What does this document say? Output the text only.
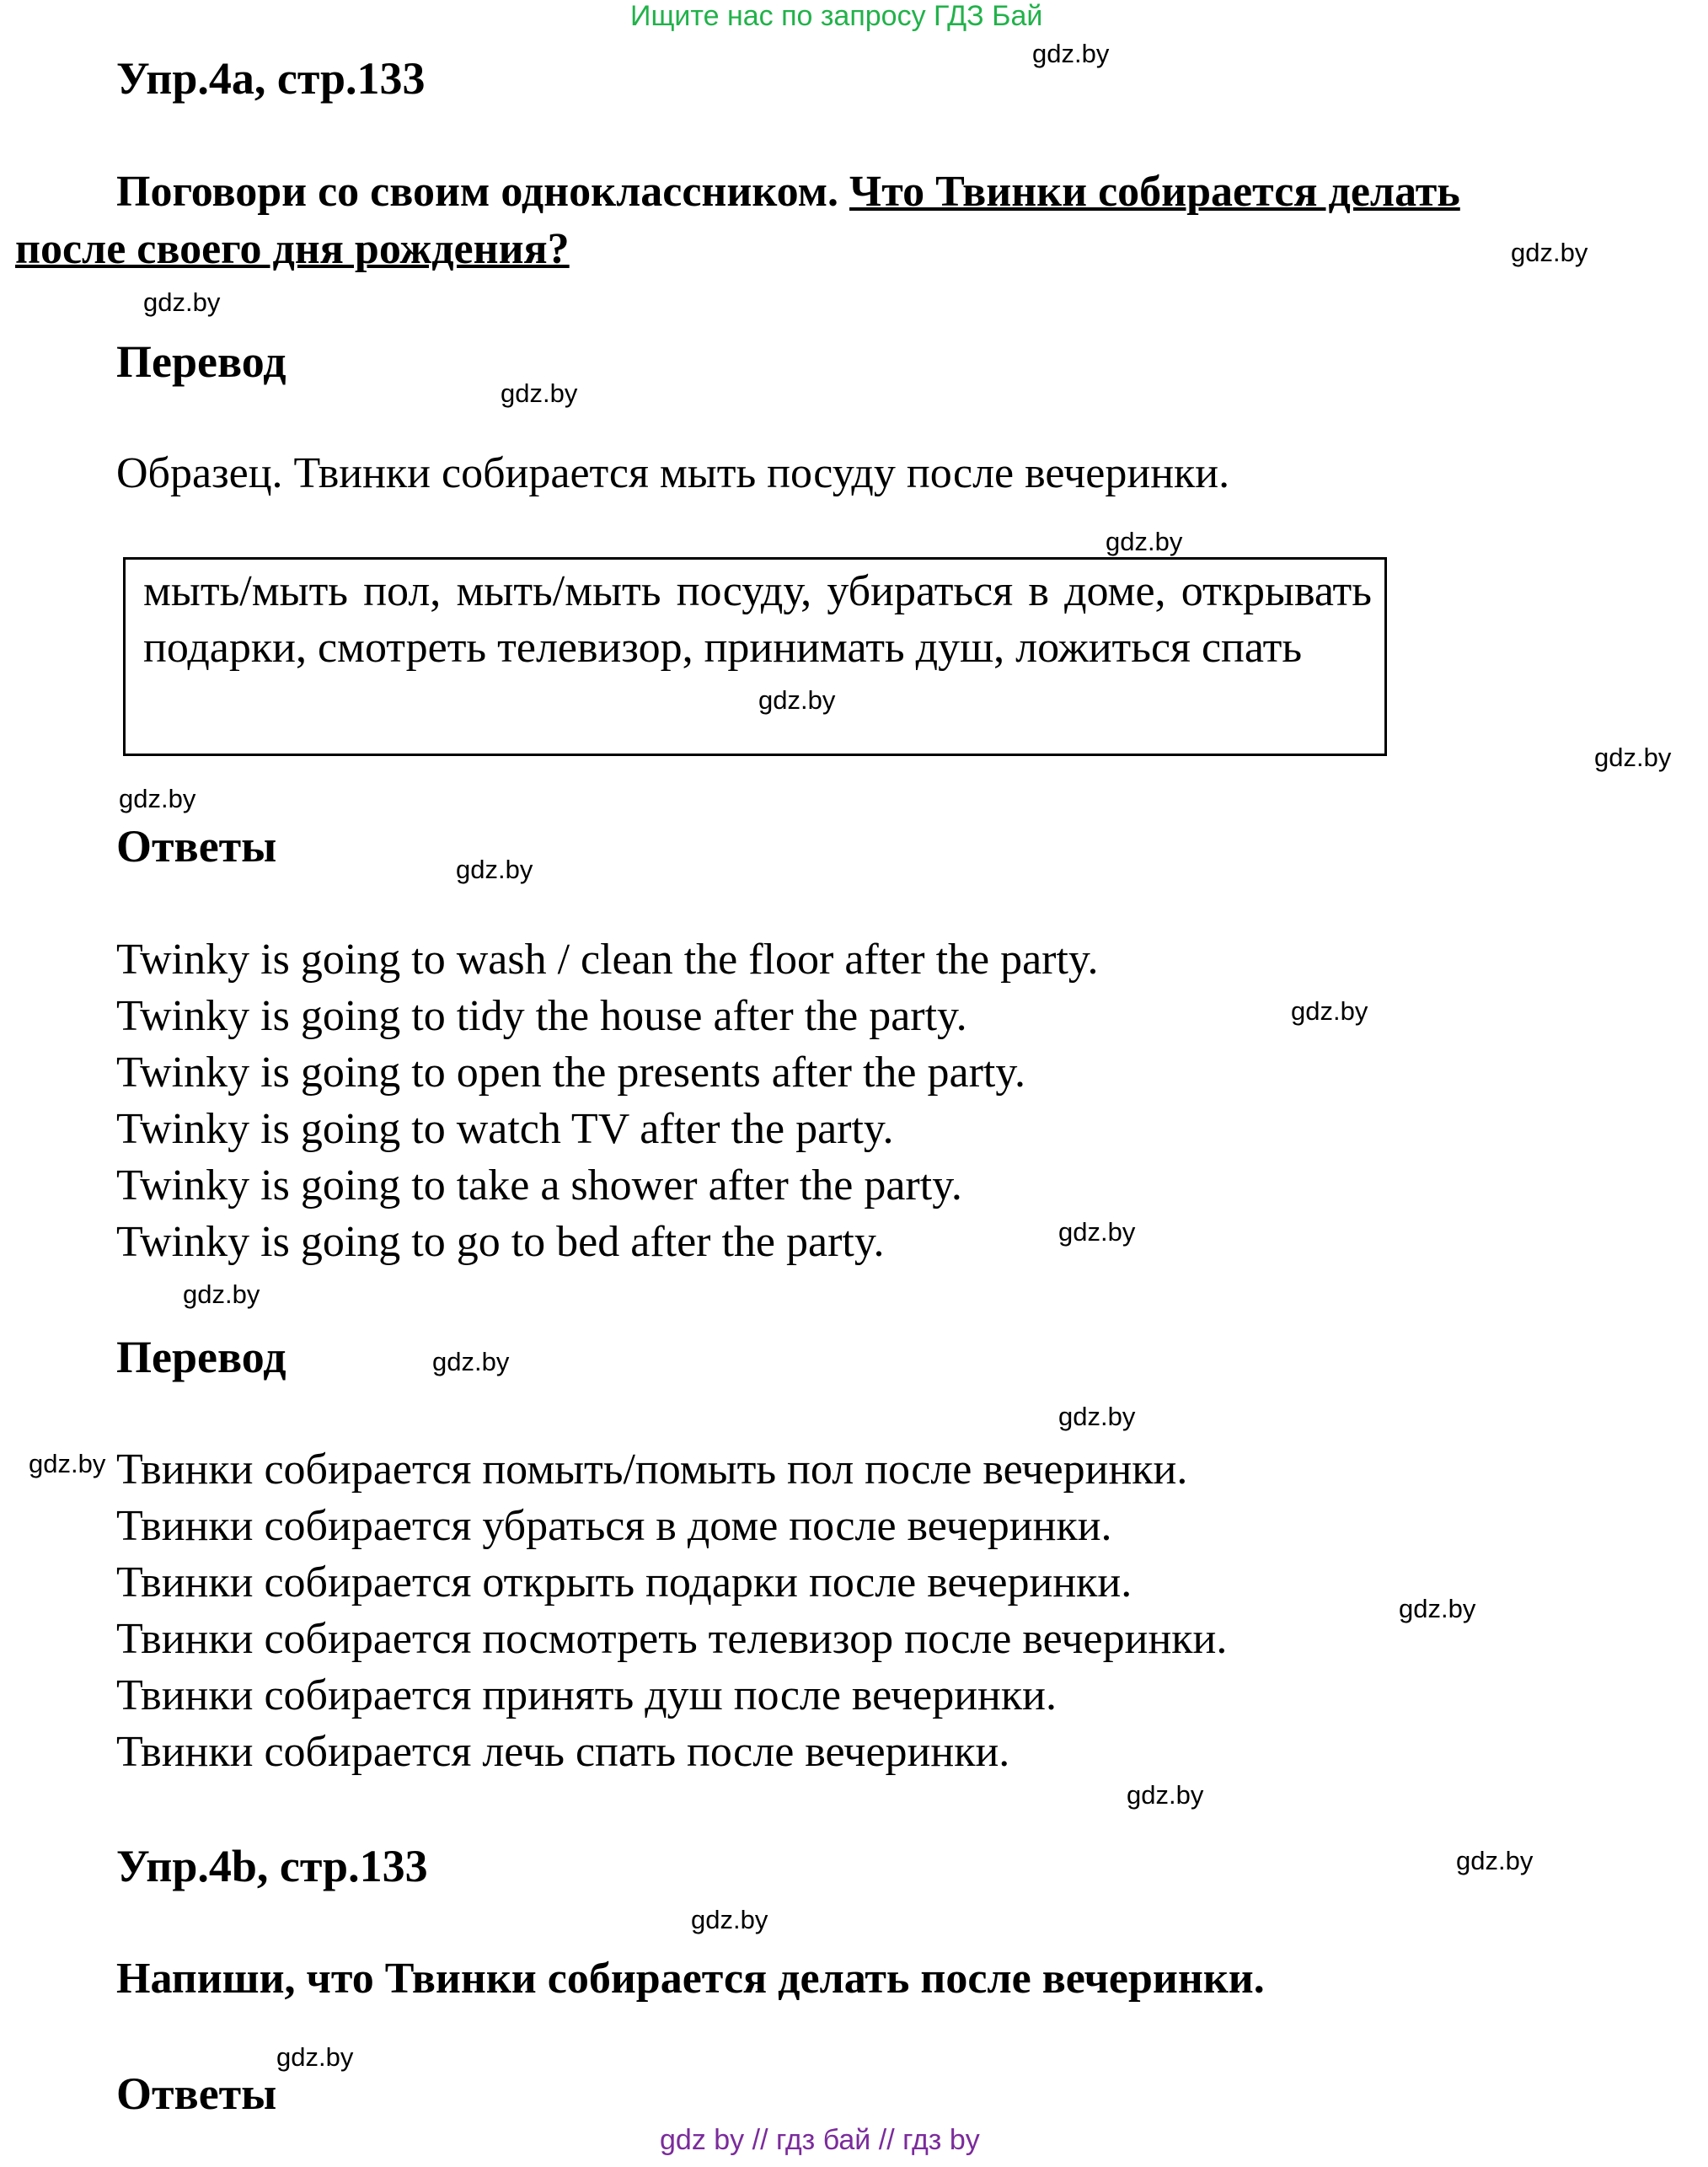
Ищите нас по запросу ГДЗ Бай
Упр.4a, стр.133
Поговори со своим одноклассником. Что Твинки собирается делать
после своего дня рождения?
Перевод
Образец. Твинки собирается мыть посуду после вечеринки.
мыть/мыть пол, мыть/мыть посуду, убираться в доме, открывать подарки, смотреть телевизор, принимать душ, ложиться спать
Ответы
Twinky is going to wash / clean the floor after the party.
Twinky is going to tidy the house after the party.
Twinky is going to open the presents after the party.
Twinky is going to watch TV after the party.
Twinky is going to take a shower after the party.
Twinky is going to go to bed after the party.
Перевод
Твинки собирается помыть/помыть пол после вечеринки.
Твинки собирается убраться в доме после вечеринки.
Твинки собирается открыть подарки после вечеринки.
Твинки собирается посмотреть телевизор после вечеринки.
Твинки собирается принять душ после вечеринки.
Твинки собирается лечь спать после вечеринки.
Упр.4b, стр.133
Напиши, что Твинки собирается делать после вечеринки.
Ответы
gdz.by
gdz.by
gdz.by
gdz.by
gdz.by
gdz.by
gdz.by
gdz.by
gdz.by
gdz.by
gdz.by
gdz.by
gdz.by
gdz.by
gdz.by
gdz.by
gdz.by
gdz.by
gdz.by
gdz.by
gdz by // гдз бай // гдз by
